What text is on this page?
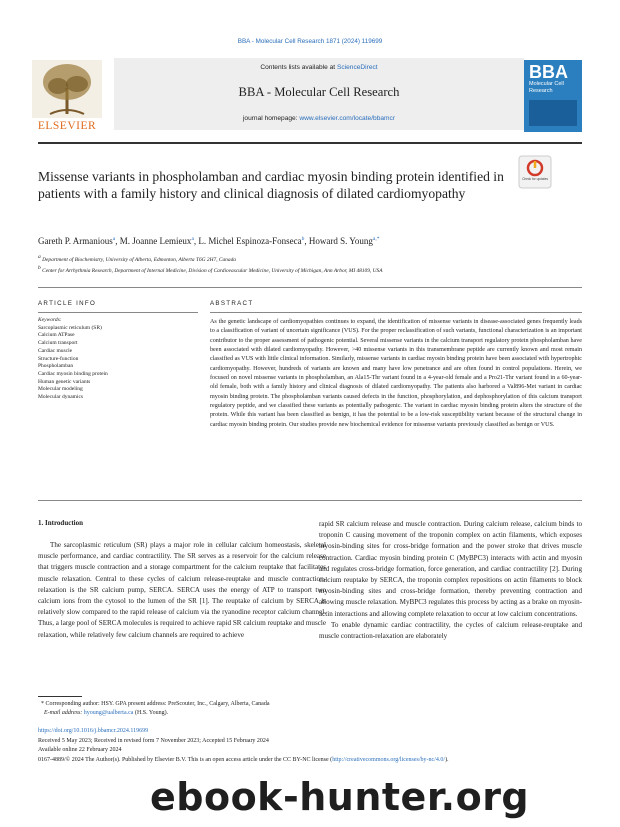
BBA - Molecular Cell Research 1871 (2024) 119699
ELSEVIER
Contents lists available at ScienceDirect
BBA - Molecular Cell Research
journal homepage: www.elsevier.com/locate/bbamcr
BBA
Molecular Cell
Research
Missense variants in phospholamban and cardiac myosin binding protein identified in patients with a family history and clinical diagnosis of dilated cardiomyopathy
Check for updates
Gareth P. Armanious$^a$, M. Joanne Lemieux$^a$, L. Michel Espinoza-Fonseca$^b$, Howard S. Young$^{a,*}$
$^a$ Department of Biochemistry, University of Alberta, Edmonton, Alberta T6G 2H7, Canada
$^b$ Center for Arrhythmia Research, Department of Internal Medicine, Division of Cardiovascular Medicine, University of Michigan, Ann Arbor, MI 48109, USA
ARTICLE INFO	ABSTRACT
Keywords:
Sarcoplasmic reticulum (SR)
Calcium ATPase
Calcium transport
Cardiac muscle
Structure-function
Phospholamban
Cardiac myosin binding protein
Human genetic variants
Molecular modeling
Molecular dynamics
As the genetic landscape of cardiomyopathies continues to expand, the identification of missense variants in disease-associated genes frequently leads to a classification of variant of uncertain significance (VUS). For the proper reclassification of such variants, functional characterization is an important contributor to the proper assessment of pathogenic potential. Several missense variants in the calcium transport regulatory protein phospholamban have been associated with dilated cardiomyopathy. However, >40 missense variants in this transmembrane peptide are currently known and most remain classified as VUS with little clinical information. Similarly, missense variants in cardiac myosin binding protein have been associated with hypertrophic cardiomyopathy. However, hundreds of variants are known and many have low penetrance and are often found in control populations. Herein, we focused on novel missense variants in phospholamban, an Ala15-Thr variant found in a 4-year-old female and a Pro21-Thr variant found in a 60-year-old female, both with a family history and clinical diagnosis of dilated cardiomyopathy. The patients also harbored a Val896-Met variant in cardiac myosin binding protein. The phospholamban variants caused defects in the function, phosphorylation, and dephosphorylation of this calcium transport regulatory peptide, and we classified these variants as potentially pathogenic. The variant in cardiac myosin binding protein alters the structure of the protein. While this variant has been classified as benign, it has the potential to be a low-risk susceptibility variant because of the structural change in cardiac myosin binding protein. Our studies provide new biochemical evidence for missense variants previously classified as benign or VUS.
1. Introduction

The sarcoplasmic reticulum (SR) plays a major role in cellular calcium homeostasis, skeletal muscle performance, and cardiac contractility. The SR serves as a reservoir for the calcium release that triggers muscle contraction and a storage compartment for the calcium reuptake that facilitates muscle relaxation. Central to these cycles of calcium release-reuptake and muscle contraction-relaxation is the SR calcium pump, SERCA. SERCA uses the energy of ATP to transport two calcium ions from the cytosol to the lumen of the SR [1]. The reuptake of calcium by SERCA is relatively slow compared to the rapid release of calcium via the ryanodine receptor calcium channel. Thus, a large pool of SERCA molecules is required to achieve rapid SR calcium reuptake and muscle relaxation, while relatively few calcium channels are required to achieve

rapid SR calcium release and muscle contraction. During calcium release, calcium binds to troponin C causing movement of the troponin complex on actin filaments, which exposes myosin-binding sites for cross-bridge formation and the power stroke that drives muscle contraction. Cardiac myosin binding protein C (MyBPC3) interacts with actin and myosin and regulates cross-bridge formation, force generation, and cardiac contractility [2]. During calcium reuptake by SERCA, the troponin complex repositions on actin filaments to block myosin-binding sites and cross-bridge formation, thereby preventing contraction and allowing muscle relaxation. MyBPC3 regulates this process by acting as a brake on myosin-actin interactions and allowing complete relaxation to occur at low calcium concentrations.

To enable dynamic cardiac contractility, the cycles of calcium release-reuptake and muscle contraction-relaxation are elaborately

* Corresponding author: HSY. GPA present address: PreScouter, Inc., Calgary, Alberta, Canada
E-mail address: hyoung@ualberta.ca (H.S. Young).
https://doi.org/10.1016/j.bbamcr.2024.119699
Received 5 May 2023; Received in revised form 7 November 2023; Accepted 15 February 2024
Available online 22 February 2024
0167-4889/© 2024 The Author(s). Published by Elsevier B.V. This is an open access article under the CC BY-NC license (http://creativecommons.org/licenses/by-nc/4.0/).
ebook-hunter.org
